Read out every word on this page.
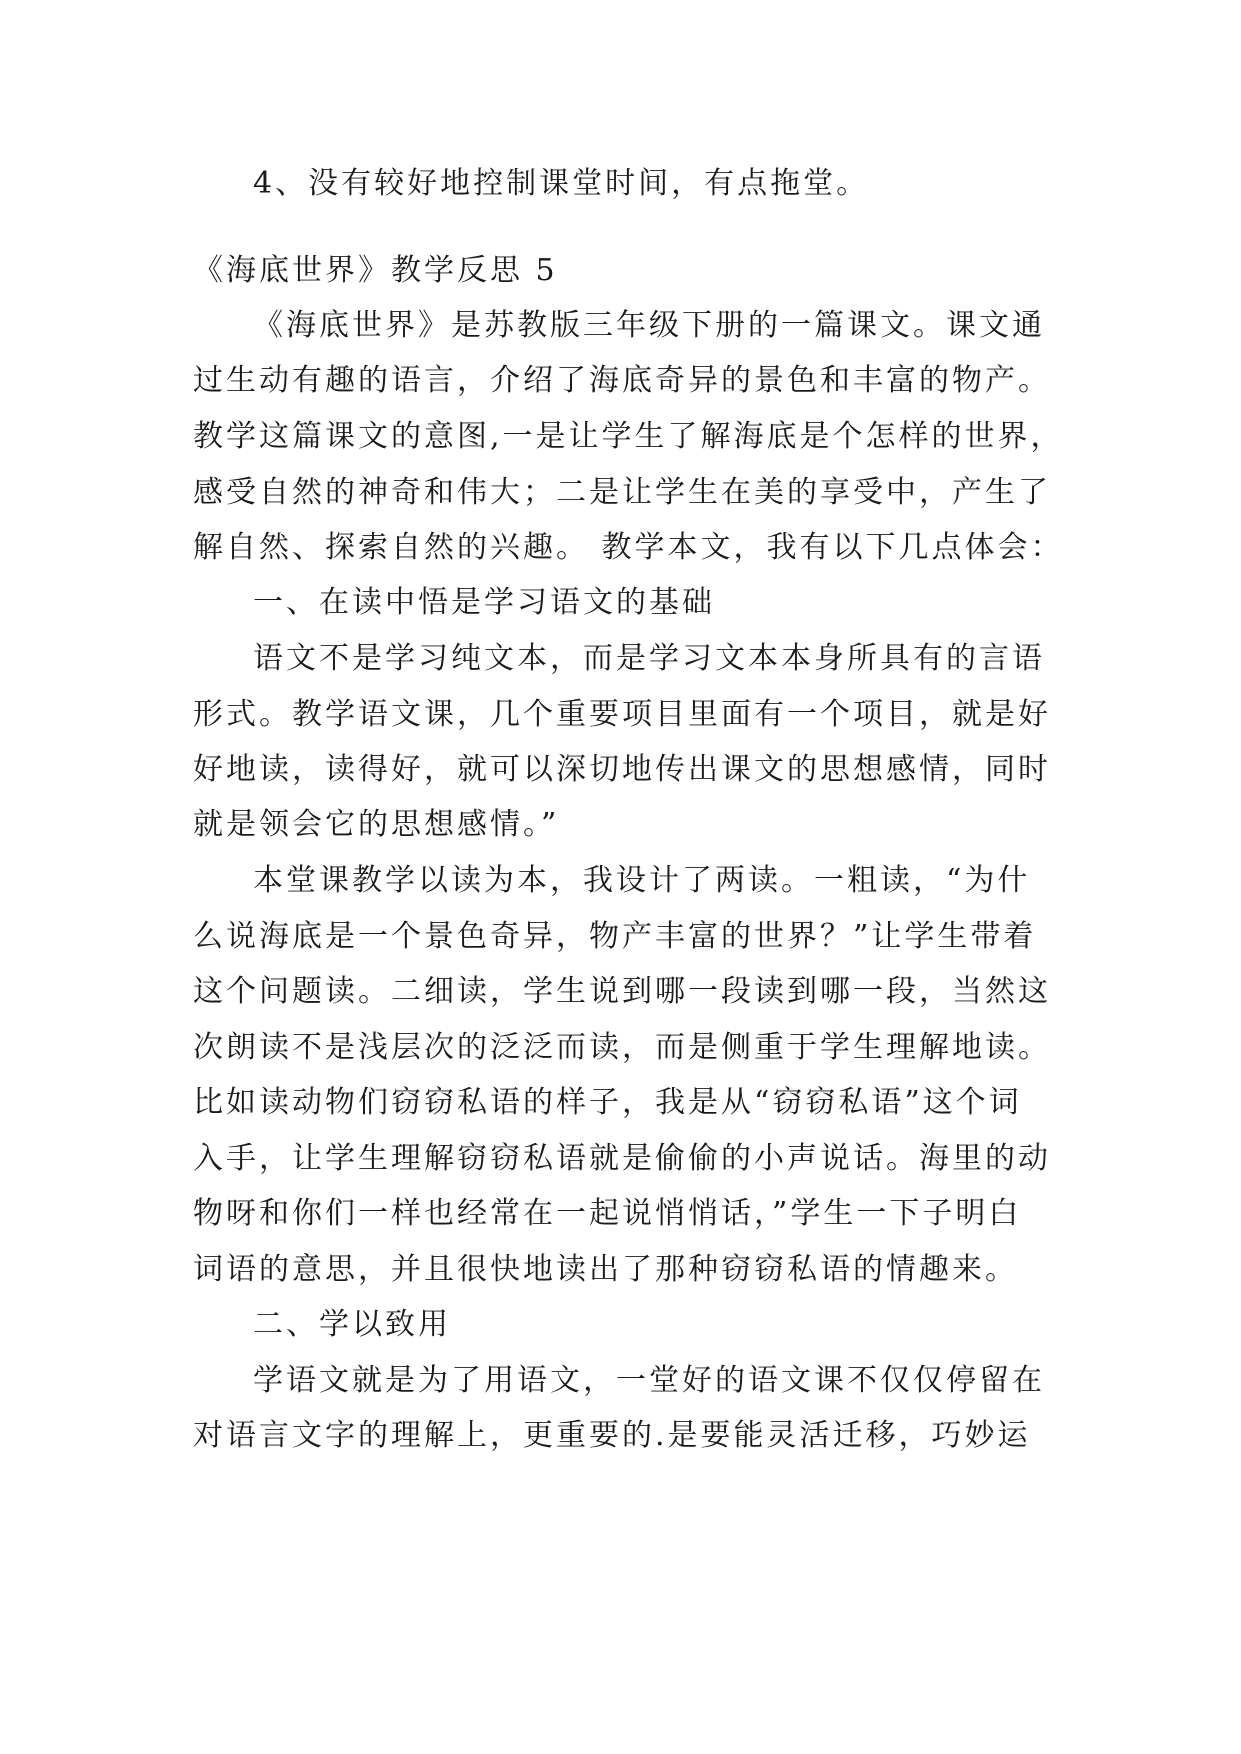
4、没有较好地控制课堂时间，有点拖堂。
《海底世界》教学反思 5
《海底世界》是苏教版三年级下册的一篇课文。课文通
过生动有趣的语言，介绍了海底奇异的景色和丰富的物产。
教学这篇课文的意图,一是让学生了解海底是个怎样的世界，
感受自然的神奇和伟大；二是让学生在美的享受中，产生了
解自然、探索自然的兴趣。 教学本文，我有以下几点体会：
一、在读中悟是学习语文的基础
语文不是学习纯文本，而是学习文本本身所具有的言语
形式。教学语文课，几个重要项目里面有一个项目，就是好
好地读，读得好，就可以深切地传出课文的思想感情，同时
就是领会它的思想感情。”
本堂课教学以读为本，我设计了两读。一粗读，“为什
么说海底是一个景色奇异，物产丰富的世界？”让学生带着
这个问题读。二细读，学生说到哪一段读到哪一段，当然这
次朗读不是浅层次的泛泛而读，而是侧重于学生理解地读。
比如读动物们窃窃私语的样子，我是从“窃窃私语”这个词
入手，让学生理解窃窃私语就是偷偷的小声说话。海里的动
物呀和你们一样也经常在一起说悄悄话，”学生一下子明白
词语的意思，并且很快地读出了那种窃窃私语的情趣来。
二、学以致用
学语文就是为了用语文，一堂好的语文课不仅仅停留在
对语言文字的理解上，更重要的.是要能灵活迁移，巧妙运
